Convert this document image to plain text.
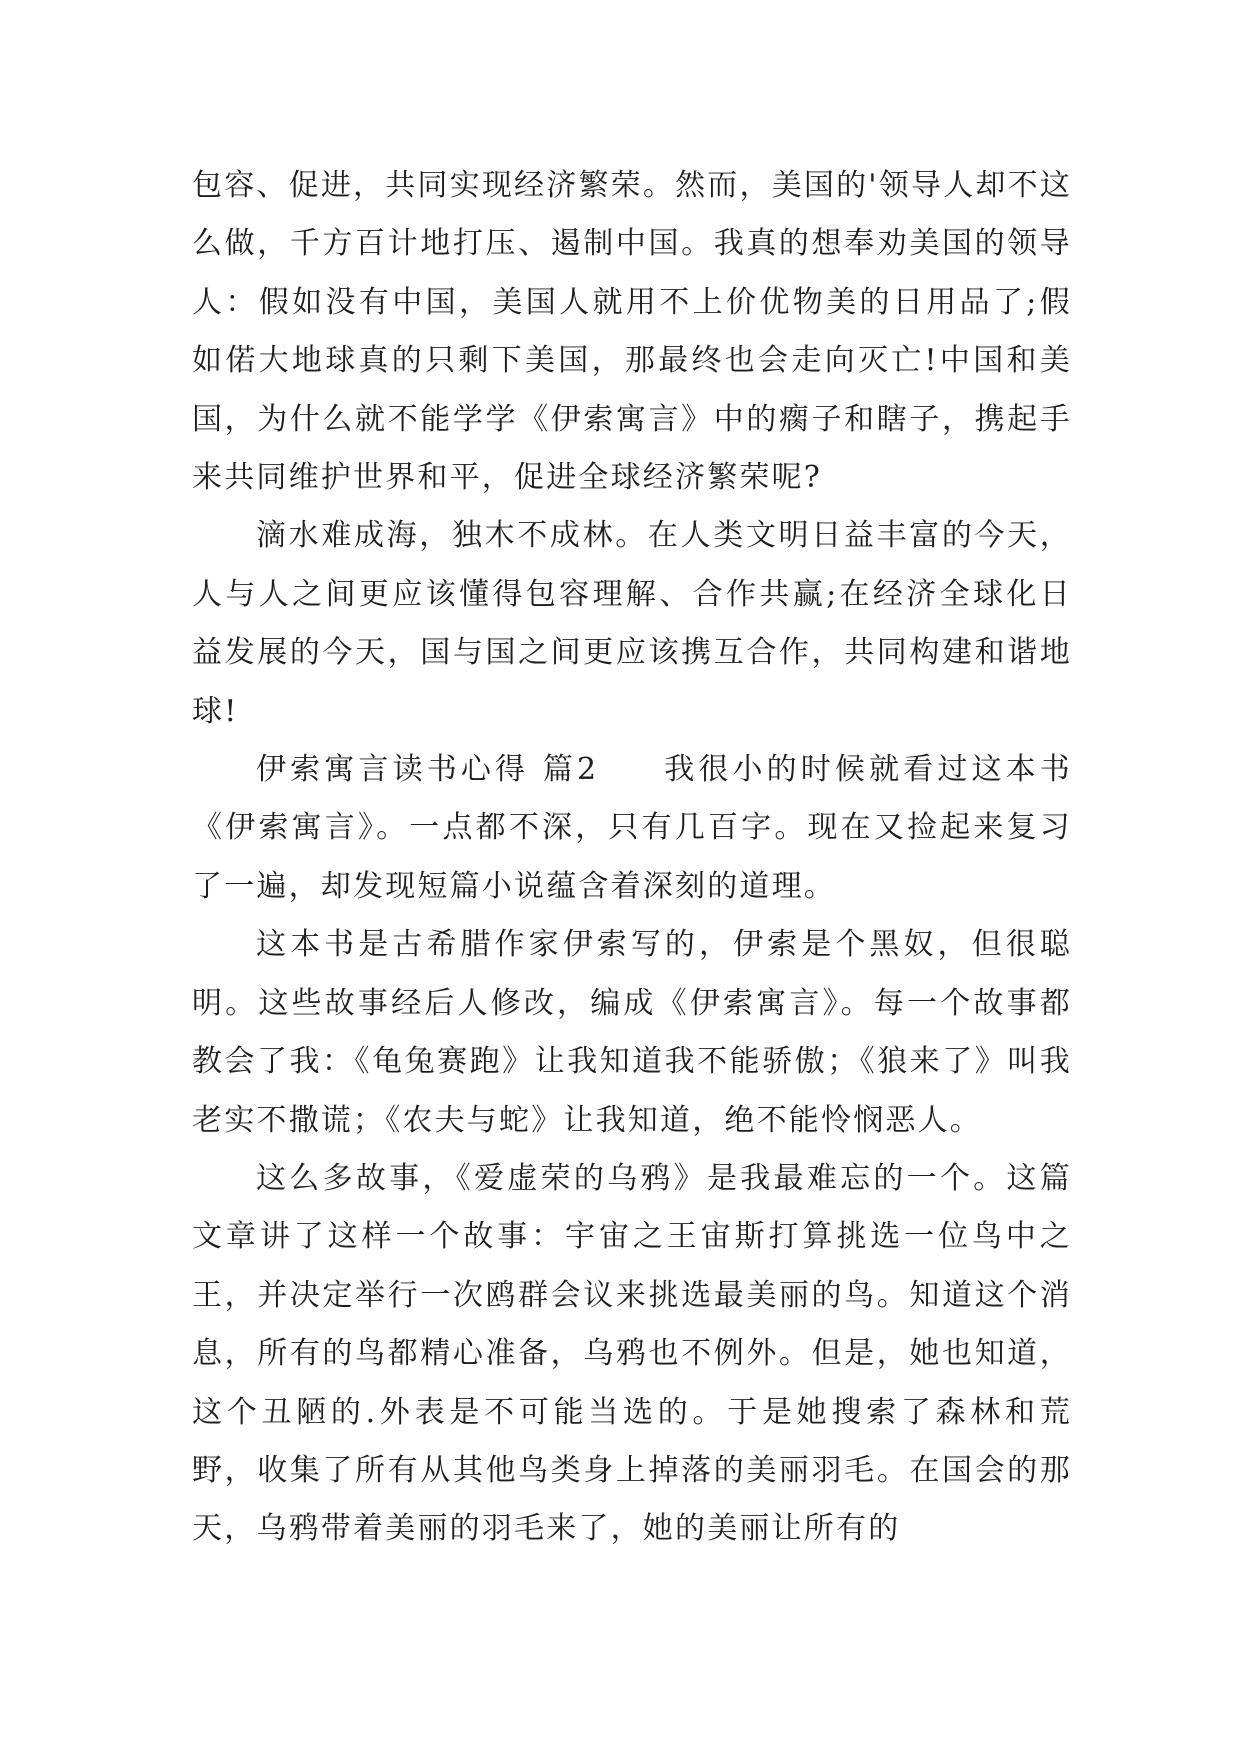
包容、促进，共同实现经济繁荣。然而，美国的'领导人却不这么做，千方百计地打压、遏制中国。我真的想奉劝美国的领导人：假如没有中国，美国人就用不上价优物美的日用品了;假如偌大地球真的只剩下美国，那最终也会走向灭亡!中国和美国，为什么就不能学学《伊索寓言》中的瘸子和瞎子，携起手来共同维护世界和平，促进全球经济繁荣呢?

滴水难成海，独木不成林。在人类文明日益丰富的今天，人与人之间更应该懂得包容理解、合作共赢;在经济全球化日益发展的今天，国与国之间更应该携互合作，共同构建和谐地球!

伊索寓言读书心得 篇2 我很小的时候就看过这本书《伊索寓言》。一点都不深，只有几百字。现在又捡起来复习了一遍，却发现短篇小说蕴含着深刻的道理。

这本书是古希腊作家伊索写的，伊索是个黑奴，但很聪明。这些故事经后人修改，编成《伊索寓言》。每一个故事都教会了我：《龟兔赛跑》让我知道我不能骄傲；《狼来了》叫我老实不撒谎；《农夫与蛇》让我知道，绝不能怜悯恶人。

这么多故事，《爱虚荣的乌鸦》是我最难忘的一个。这篇文章讲了这样一个故事：宇宙之王宙斯打算挑选一位鸟中之王，并决定举行一次鸥群会议来挑选最美丽的鸟。知道这个消息，所有的鸟都精心准备，乌鸦也不例外。但是，她也知道，这个丑陋的.外表是不可能当选的。于是她搜索了森林和荒野，收集了所有从其他鸟类身上掉落的美丽羽毛。在国会的那天，乌鸦带着美丽的羽毛来了，她的美丽让所有的
